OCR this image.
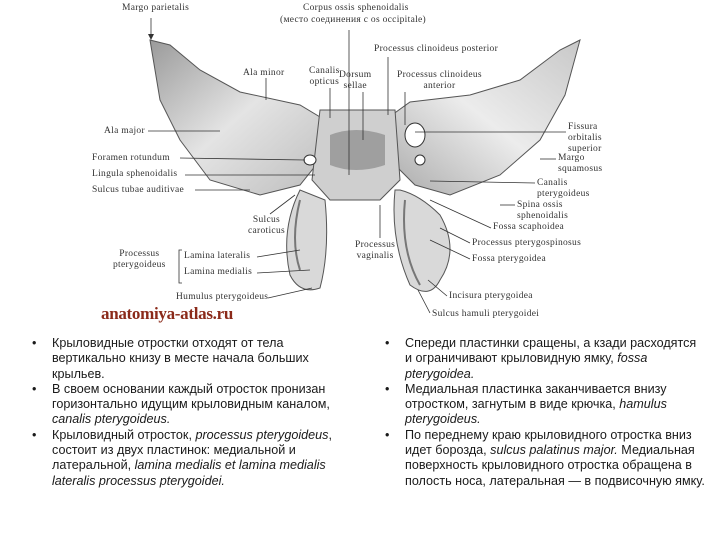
Margo parietalis	Corpus ossis sphenoidalis
(место соединения с os occipitale)
Processus clinoideus posterior
Ala minor	Canalis
opticus
Dorsum
sellae
Processus clinoideus
anterior
Ala major	Fissura
orbitalis
superior
Foramen rotundum
Lingula sphenoidalis
Sulcus tubae auditivae
Margo
squamosus
Canalis
pterygoideus
Spina ossis
sphenoidalis
Sulcus
caroticus	Fossa scaphoidea
Processus pterygospinosus
Processus
vaginalis
Processus
pterygoideus
Lamina lateralis
Lamina medialis
Fossa pterygoidea
Humulus pterygoideus	Incisura pterygoidea
Sulcus hamuli pterygoidei
anatomiya-atlas.ru
• Крыловидные отростки отходят от тела вертикально книзу в месте начала больших крыльев.
• В своем основании каждый отросток пронизан горизонтально идущим крыловидным каналом, canalis pterygoideus.
• Крыловидный отросток, processus pterygoideus, состоит из двух пластинок: медиальной и латеральной, lamina medialis et lamina medialis lateralis processus pterygoidei.
• Спереди пластинки сращены, а кзади расходятся и ограничивают крыловидную ямку, fossa pterygoidea.
• Медиальная пластинка заканчивается внизу отростком, загнутым в виде крючка, hamulus pterygoideus.
• По переднему краю крыловидного отростка вниз идет борозда, sulcus palatinus major. Медиальная поверхность крыловидного отростка обращена в полость носа, латеральная — в подвисочную ямку.
